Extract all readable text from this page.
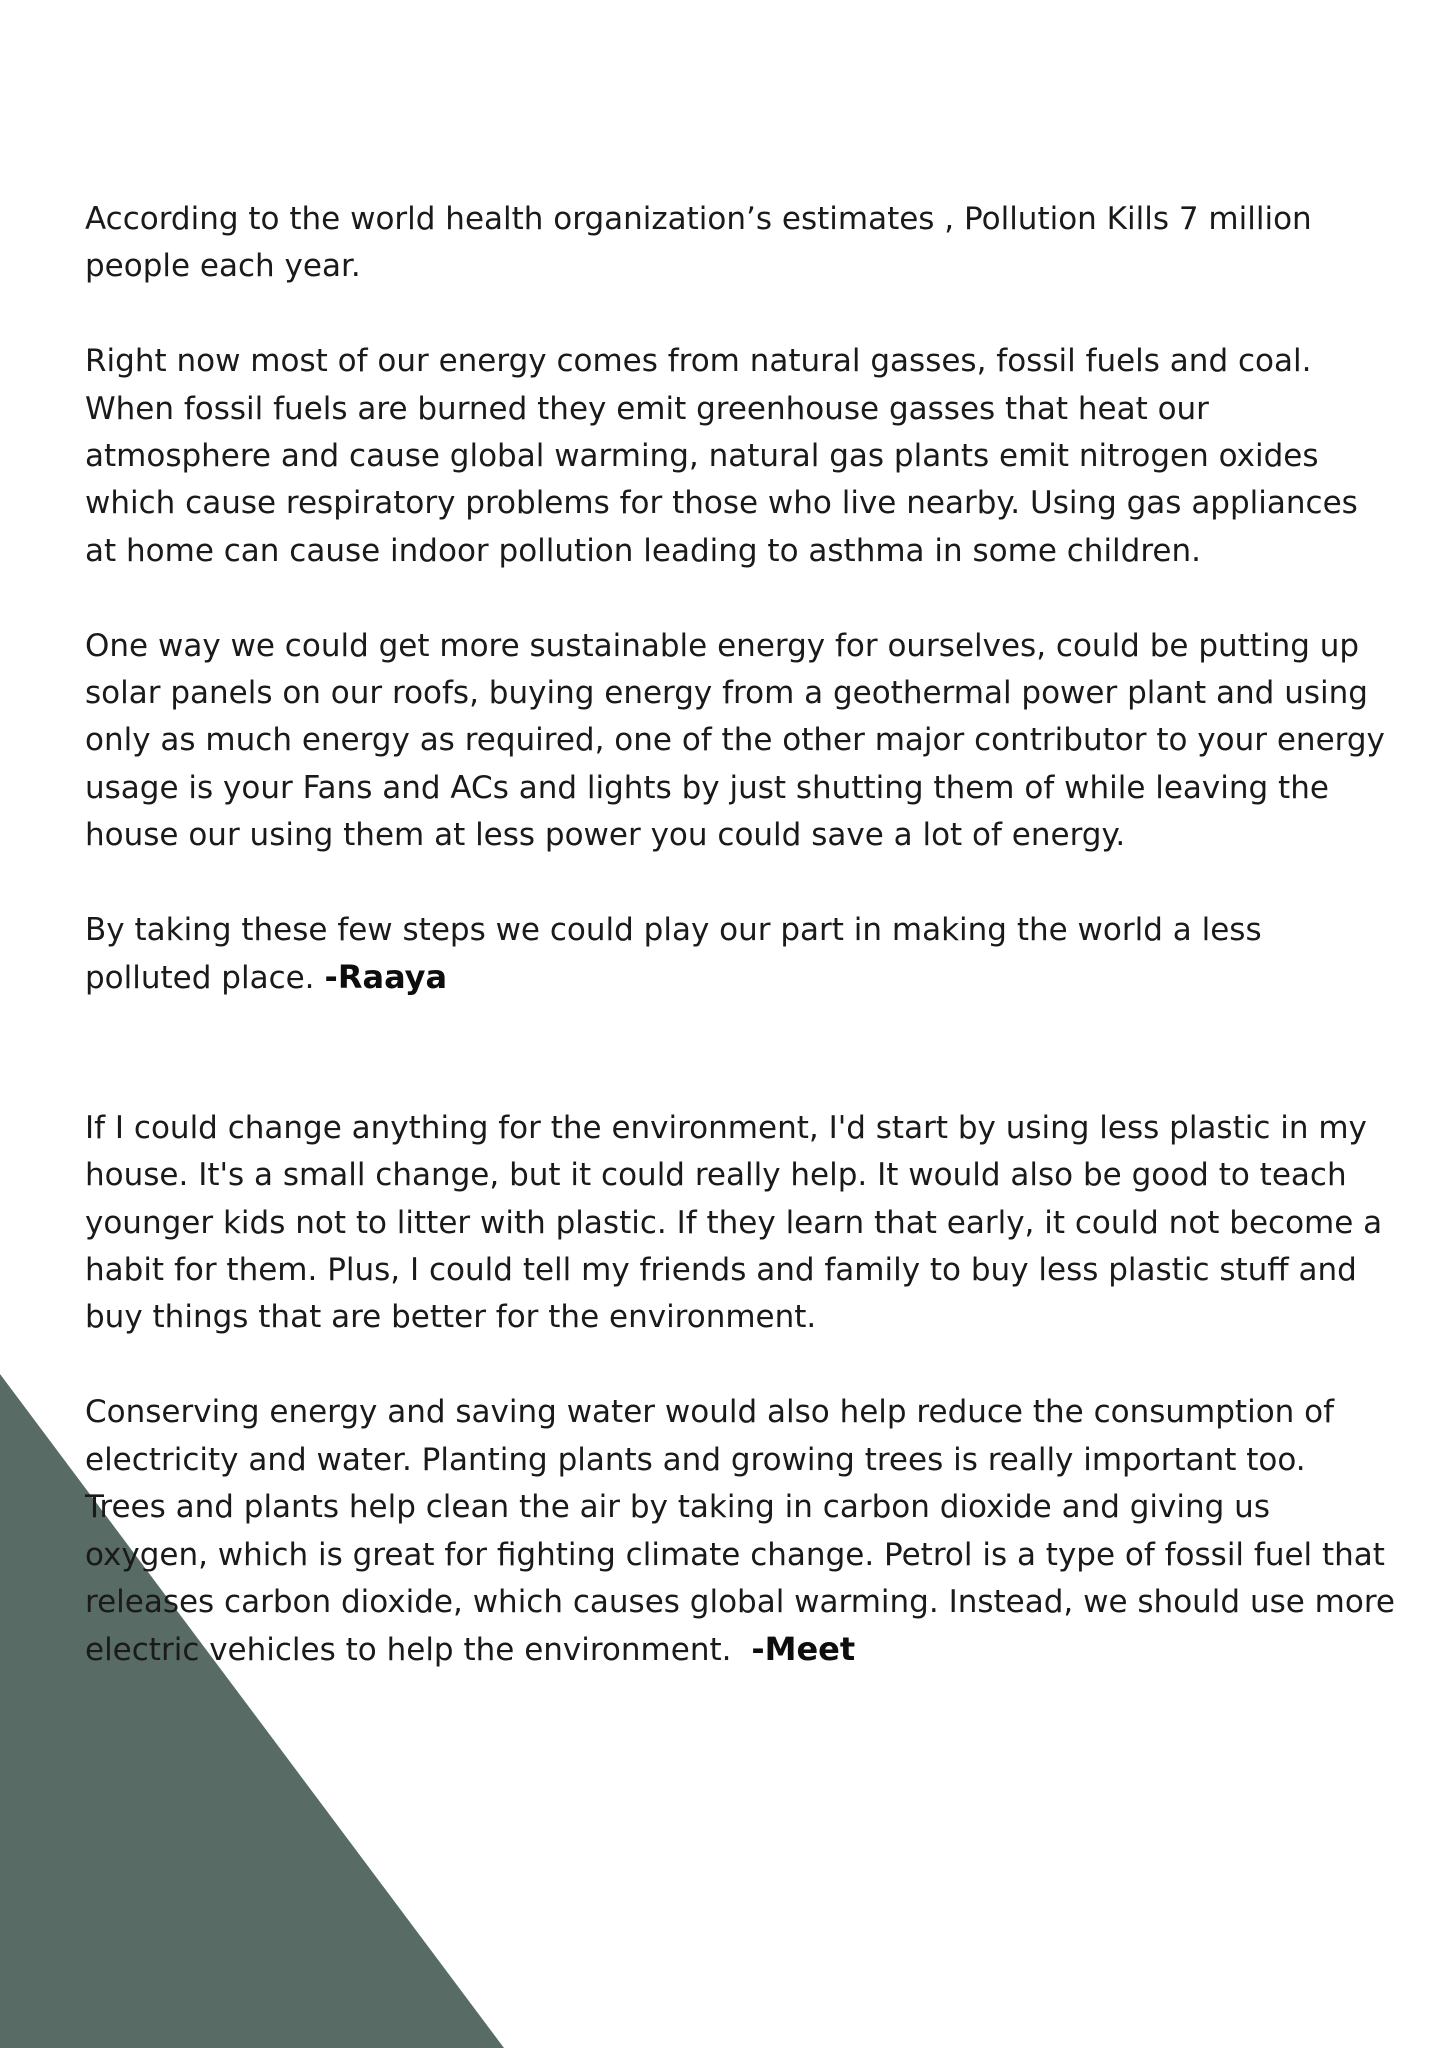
According to the world health organization’s estimates , Pollution Kills 7 million people each year.

Right now most of our energy comes from natural gasses, fossil fuels and coal. When fossil fuels are burned they emit greenhouse gasses that heat our atmosphere and cause global warming, natural gas plants emit nitrogen oxides which cause respiratory problems for those who live nearby. Using gas appliances at home can cause indoor pollution leading to asthma in some children.

One way we could get more sustainable energy for ourselves, could be putting up solar panels on our roofs, buying energy from a geothermal power plant and using only as much energy as required, one of the other major contributor to your energy usage is your Fans and ACs and lights by just shutting them of while leaving the house our using them at less power you could save a lot of energy.

By taking these few steps we could play our part in making the world a less polluted place. -Raaya

If I could change anything for the environment, I'd start by using less plastic in my house. It's a small change, but it could really help. It would also be good to teach younger kids not to litter with plastic. If they learn that early, it could not become a habit for them. Plus, I could tell my friends and family to buy less plastic stuff and buy things that are better for the environment.

Conserving energy and saving water would also help reduce the consumption of electricity and water. Planting plants and growing trees is really important too. Trees and plants help clean the air by taking in carbon dioxide and giving us oxygen, which is great for fighting climate change. Petrol is a type of fossil fuel that releases carbon dioxide, which causes global warming. Instead, we should use more electric vehicles to help the environment. -Meet
